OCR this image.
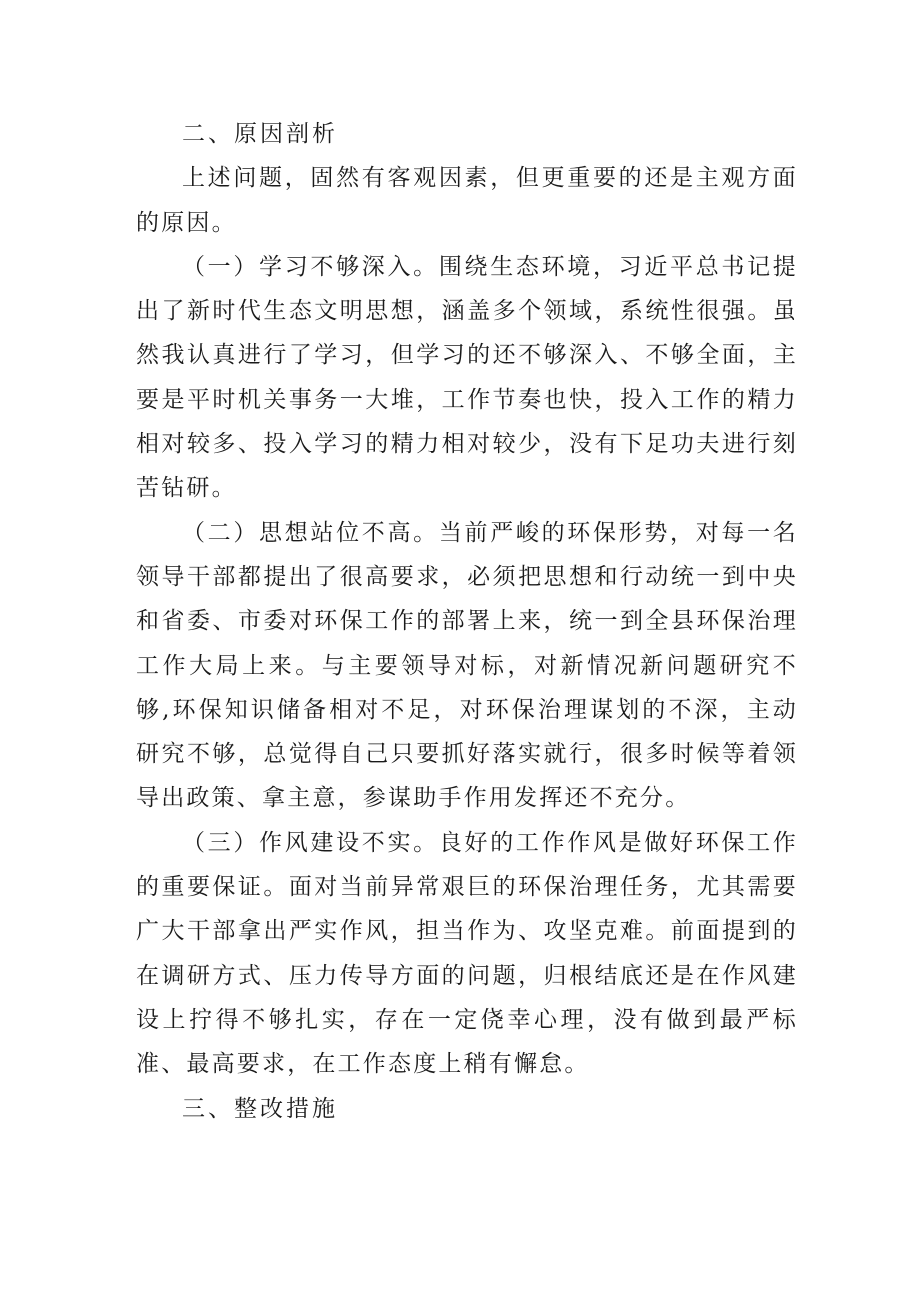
二、原因剖析

上述问题，固然有客观因素，但更重要的还是主观方面的原因。

（一）学习不够深入。围绕生态环境，习近平总书记提出了新时代生态文明思想，涵盖多个领域，系统性很强。虽然我认真进行了学习，但学习的还不够深入、不够全面，主要是平时机关事务一大堆，工作节奏也快，投入工作的精力相对较多、投入学习的精力相对较少，没有下足功夫进行刻苦钻研。

（二）思想站位不高。当前严峻的环保形势，对每一名领导干部都提出了很高要求，必须把思想和行动统一到中央和省委、市委对环保工作的部署上来，统一到全县环保治理工作大局上来。与主要领导对标，对新情况新问题研究不够,环保知识储备相对不足，对环保治理谋划的不深，主动研究不够，总觉得自己只要抓好落实就行，很多时候等着领导出政策、拿主意，参谋助手作用发挥还不充分。

（三）作风建设不实。良好的工作作风是做好环保工作的重要保证。面对当前异常艰巨的环保治理任务，尤其需要广大干部拿出严实作风，担当作为、攻坚克难。前面提到的在调研方式、压力传导方面的问题，归根结底还是在作风建设上拧得不够扎实，存在一定侥幸心理，没有做到最严标准、最高要求，在工作态度上稍有懈怠。

三、整改措施
